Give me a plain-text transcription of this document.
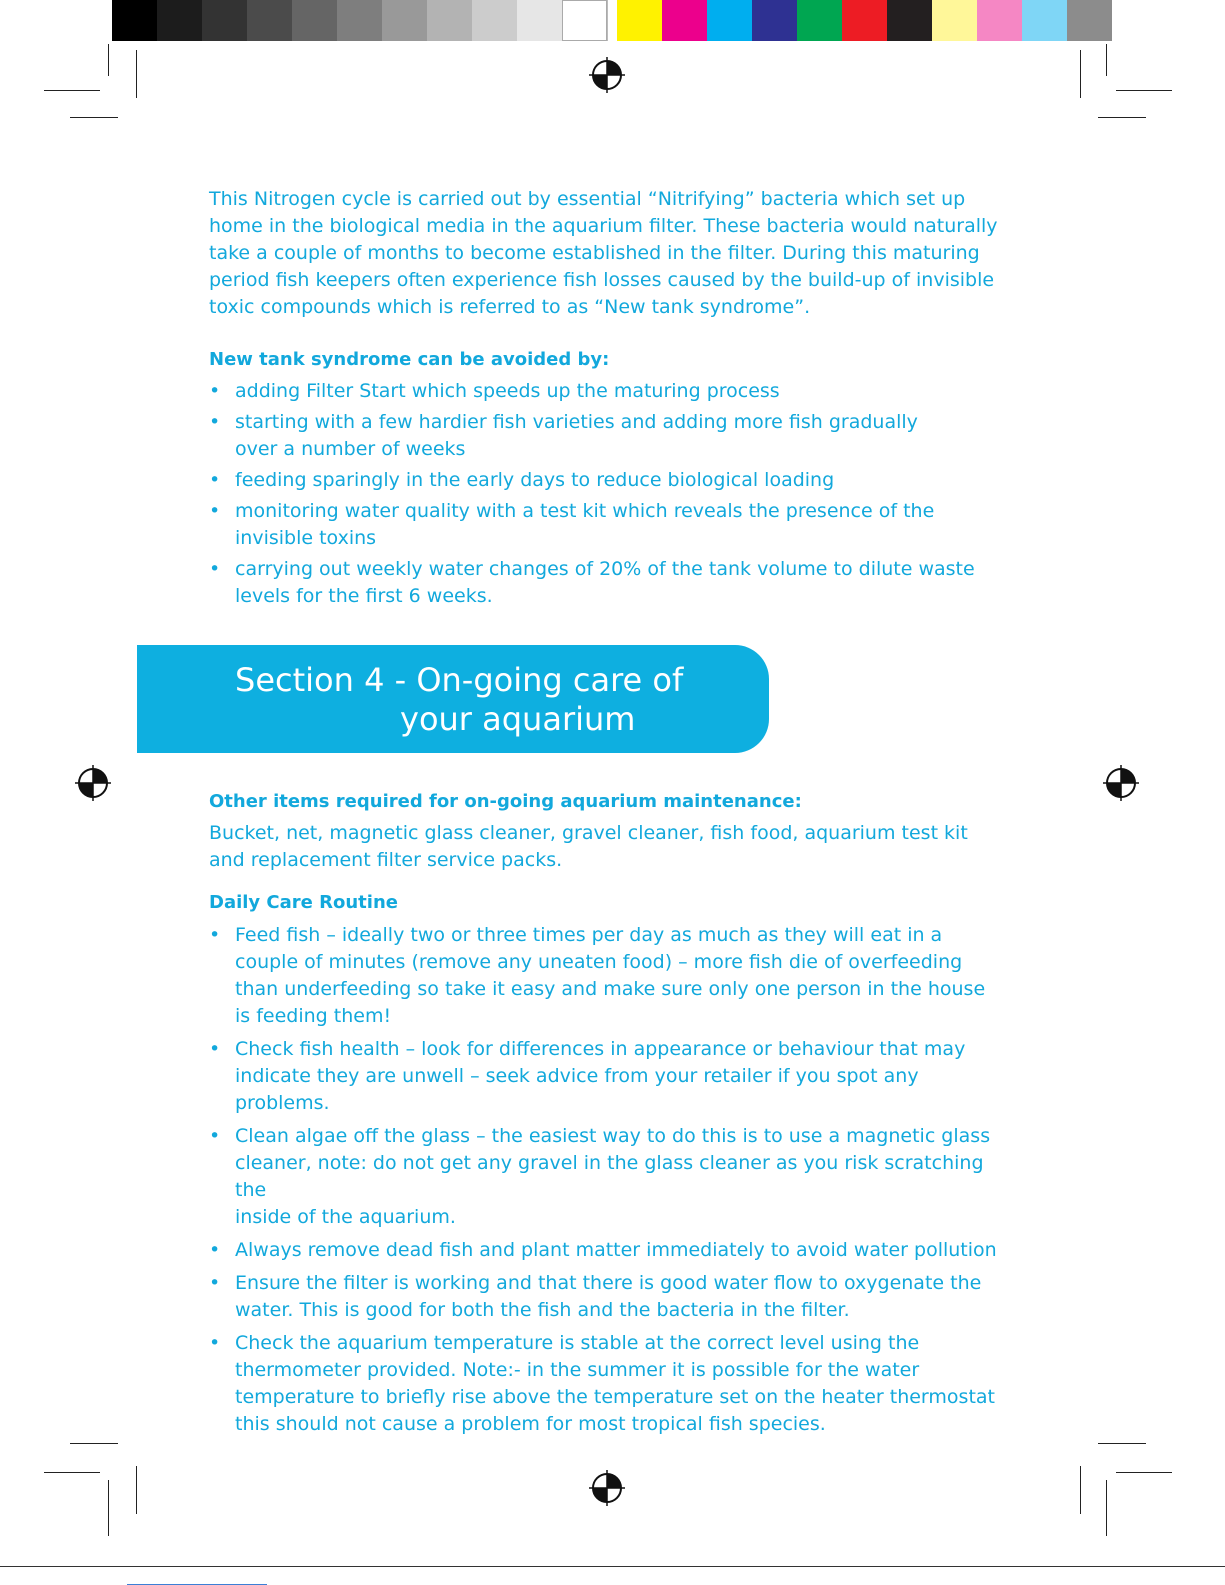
This Nitrogen cycle is carried out by essential “Nitrifying” bacteria which set up

home in the biological media in the aquarium filter. These bacteria would naturally

take a couple of months to become established in the filter. During this maturing

period fish keepers often experience fish losses caused by the build-up of invisible

toxic compounds which is referred to as “New tank syndrome”.

New tank syndrome can be avoided by:

• adding Filter Start which speeds up the maturing process
• starting with a few hardier fish varieties and adding more fish gradually
over a number of weeks
• feeding sparingly in the early days to reduce biological loading
• monitoring water quality with a test kit which reveals the presence of the
invisible toxins
• carrying out weekly water changes of 20% of the tank volume to dilute waste
levels for the first 6 weeks.
Section 4 - On-going care of
your aquarium

Other items required for on-going aquarium maintenance:

Bucket, net, magnetic glass cleaner, gravel cleaner, fish food, aquarium test kit

and replacement filter service packs.

Daily Care Routine

• Feed fish – ideally two or three times per day as much as they will eat in a
couple of minutes (remove any uneaten food) – more fish die of overfeeding
than underfeeding so take it easy and make sure only one person in the house
is feeding them!
• Check fish health – look for differences in appearance or behaviour that may
indicate they are unwell – seek advice from your retailer if you spot any problems.
• Clean algae off the glass – the easiest way to do this is to use a magnetic glass
cleaner, note: do not get any gravel in the glass cleaner as you risk scratching the
inside of the aquarium.
• Always remove dead fish and plant matter immediately to avoid water pollution
• Ensure the filter is working and that there is good water flow to oxygenate the
water. This is good for both the fish and the bacteria in the filter.
• Check the aquarium temperature is stable at the correct level using the
thermometer provided. Note:- in the summer it is possible for the water
temperature to briefly rise above the temperature set on the heater thermostat
this should not cause a problem for most tropical fish species.
